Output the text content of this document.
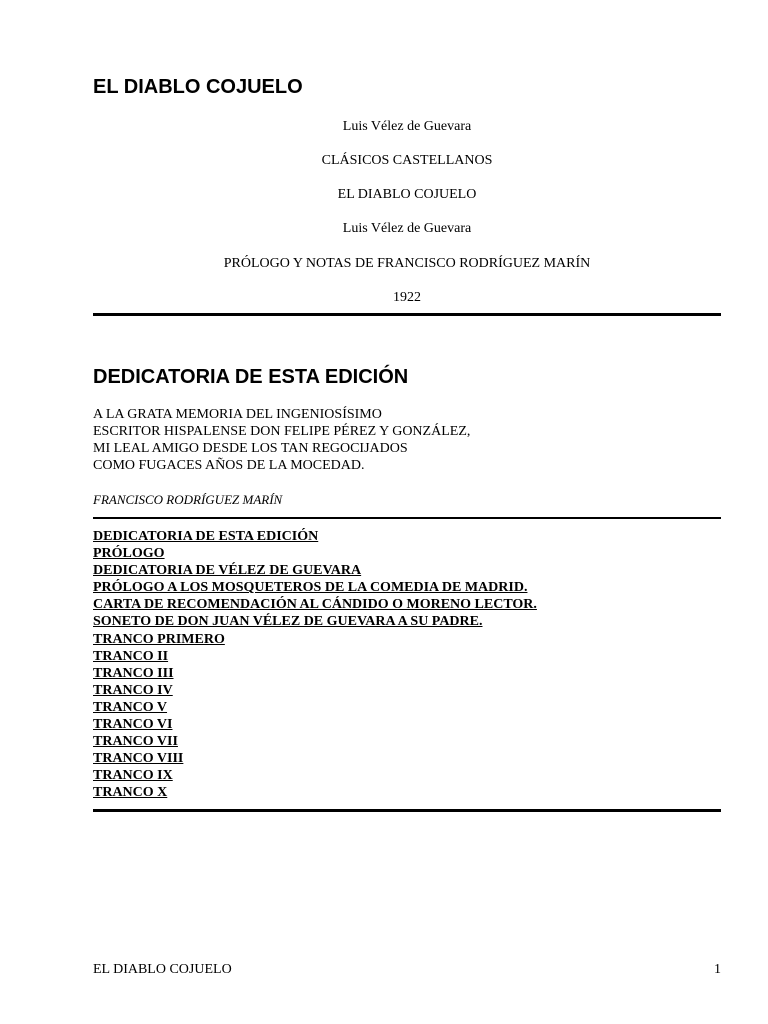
EL DIABLO COJUELO
Luis Vélez de Guevara
CLÁSICOS CASTELLANOS
EL DIABLO COJUELO
Luis Vélez de Guevara
PRÓLOGO Y NOTAS DE FRANCISCO RODRÍGUEZ MARÍN
1922
DEDICATORIA DE ESTA EDICIÓN
A LA GRATA MEMORIA DEL INGENIOSÍSIMO
ESCRITOR HISPALENSE DON FELIPE PÉREZ Y GONZÁLEZ,
MI LEAL AMIGO DESDE LOS TAN REGOCIJADOS
COMO FUGACES AÑOS DE LA MOCEDAD.
FRANCISCO RODRÍGUEZ MARÍN
DEDICATORIA DE ESTA EDICIÓN
PRÓLOGO
DEDICATORIA DE VÉLEZ DE GUEVARA
PRÓLOGO A LOS MOSQUETEROS DE LA COMEDIA DE MADRID.
CARTA DE RECOMENDACIÓN AL CÁNDIDO O MORENO LECTOR.
SONETO DE DON JUAN VÉLEZ DE GUEVARA A SU PADRE.
TRANCO PRIMERO
TRANCO II
TRANCO III
TRANCO IV
TRANCO V
TRANCO VI
TRANCO VII
TRANCO VIII
TRANCO IX
TRANCO X
EL DIABLO COJUELO	1
